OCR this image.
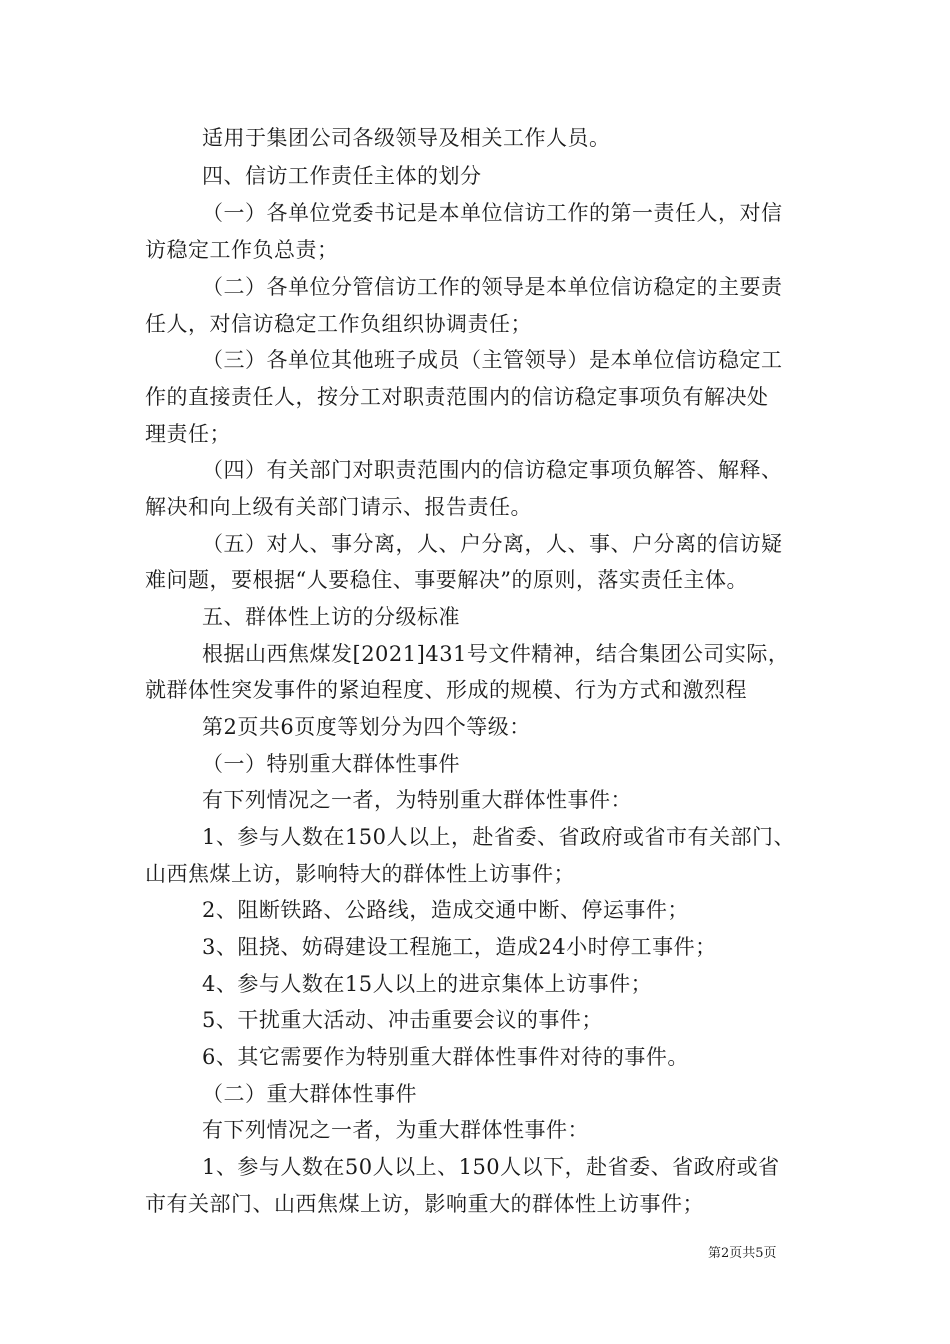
适用于集团公司各级领导及相关工作人员。
四、信访工作责任主体的划分
（一）各单位党委书记是本单位信访工作的第一责任人，对信
访稳定工作负总责；
（二）各单位分管信访工作的领导是本单位信访稳定的主要责
任人，对信访稳定工作负组织协调责任；
（三）各单位其他班子成员（主管领导）是本单位信访稳定工
作的直接责任人，按分工对职责范围内的信访稳定事项负有解决处
理责任；
（四）有关部门对职责范围内的信访稳定事项负解答、解释、
解决和向上级有关部门请示、报告责任。
（五）对人、事分离，人、户分离，人、事、户分离的信访疑
难问题，要根据“人要稳住、事要解决”的原则，落实责任主体。
五、群体性上访的分级标准
根据山西焦煤发[2021]431号文件精神，结合集团公司实际，
就群体性突发事件的紧迫程度、形成的规模、行为方式和激烈程
第2页共6页度等划分为四个等级：
（一）特别重大群体性事件
有下列情况之一者，为特别重大群体性事件：
1、参与人数在150人以上，赴省委、省政府或省市有关部门、
山西焦煤上访，影响特大的群体性上访事件；
2、阻断铁路、公路线，造成交通中断、停运事件；
3、阻挠、妨碍建设工程施工，造成24小时停工事件；
4、参与人数在15人以上的进京集体上访事件；
5、干扰重大活动、冲击重要会议的事件；
6、其它需要作为特别重大群体性事件对待的事件。
（二）重大群体性事件
有下列情况之一者，为重大群体性事件：
1、参与人数在50人以上、150人以下，赴省委、省政府或省
市有关部门、山西焦煤上访，影响重大的群体性上访事件；
第2页共5页
